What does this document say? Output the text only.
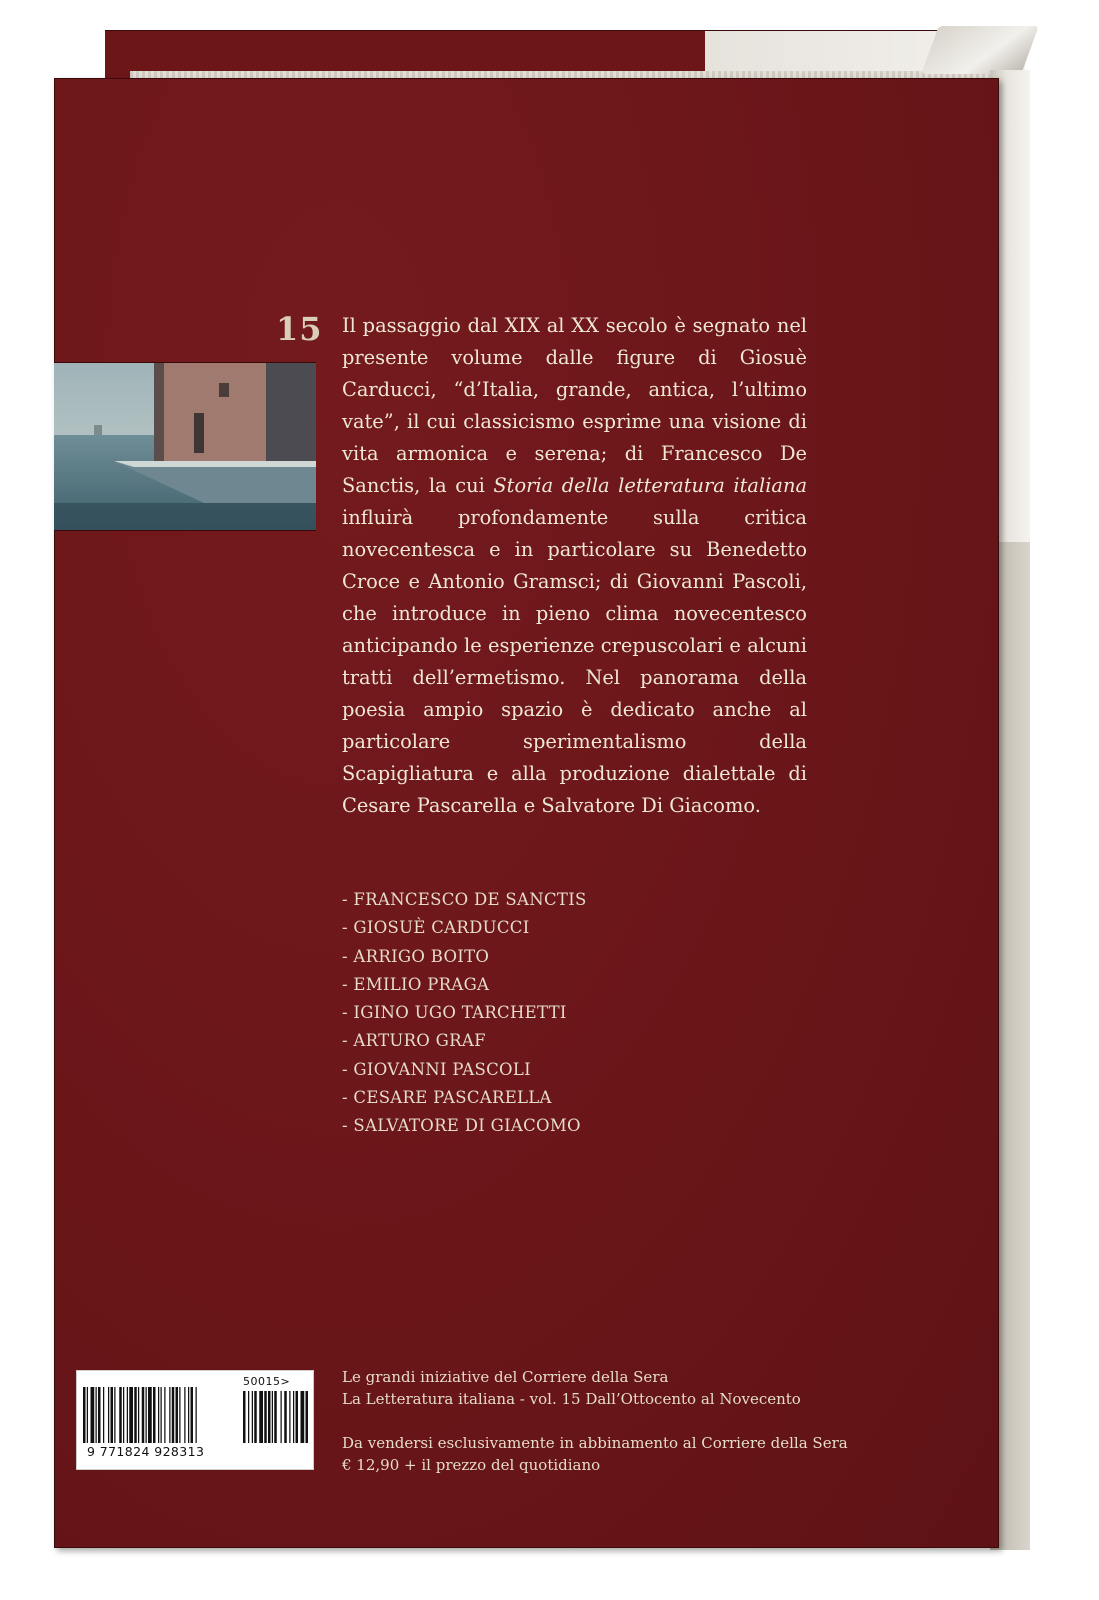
15 Il passaggio dal XIX al XX secolo è segnato nel presente volume dalle figure di Giosuè Carducci, “d’Italia, grande, antica, l’ultimo vate”, il cui classicismo esprime una visione di vita armonica e serena; di Francesco De Sanctis, la cui Storia della letteratura italiana influirà profondamente sulla critica novecentesca e in particolare su Benedetto Croce e Antonio Gramsci; di Giovanni Pascoli, che introduce in pieno clima novecentesco anticipando le esperienze crepuscolari e alcuni tratti dell’ermetismo. Nel panorama della poesia ampio spazio è dedicato anche al particolare sperimentalismo della Scapigliatura e alla produzione dialettale di Cesare Pascarella e Salvatore Di Giacomo.

- FRANCESCO DE SANCTIS
- GIOSUÈ CARDUCCI
- ARRIGO BOITO
- EMILIO PRAGA
- IGINO UGO TARCHETTI
- ARTURO GRAF
- GIOVANNI PASCOLI
- CESARE PASCARELLA
- SALVATORE DI GIACOMO
50015>
9 771824 928313

Le grandi iniziative del Corriere della Sera

La Letteratura italiana - vol. 15 Dall’Ottocento al Novecento

Da vendersi esclusivamente in abbinamento al Corriere della Sera

€ 12,90 + il prezzo del quotidiano
